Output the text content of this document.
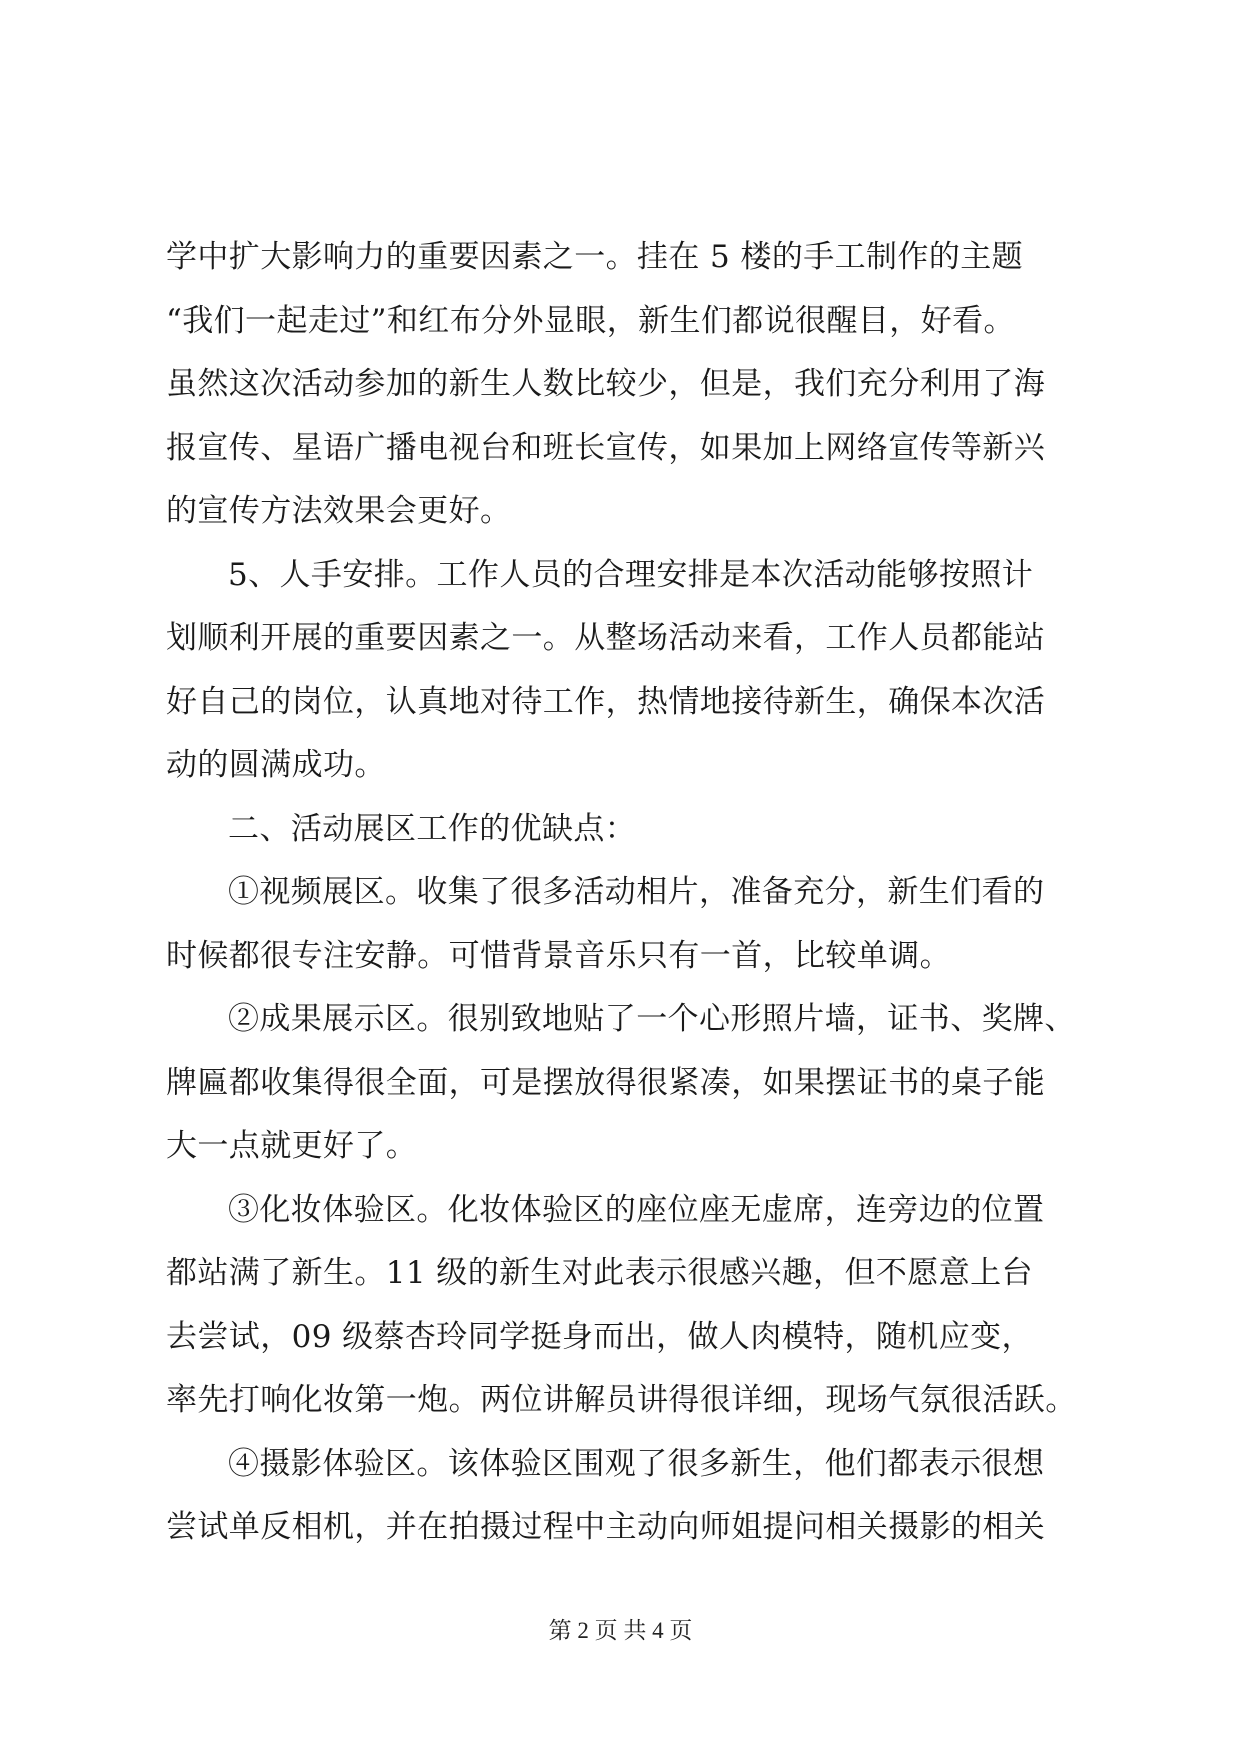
学中扩大影响力的重要因素之一。挂在 5 楼的手工制作的主题
“我们一起走过”和红布分外显眼，新生们都说很醒目，好看。
虽然这次活动参加的新生人数比较少，但是，我们充分利用了海
报宣传、星语广播电视台和班长宣传，如果加上网络宣传等新兴
的宣传方法效果会更好。
5、人手安排。工作人员的合理安排是本次活动能够按照计
划顺利开展的重要因素之一。从整场活动来看，工作人员都能站
好自己的岗位，认真地对待工作，热情地接待新生，确保本次活
动的圆满成功。
二、活动展区工作的优缺点：
①视频展区。收集了很多活动相片，准备充分，新生们看的
时候都很专注安静。可惜背景音乐只有一首，比较单调。
②成果展示区。很别致地贴了一个心形照片墙，证书、奖牌、
牌匾都收集得很全面，可是摆放得很紧凑，如果摆证书的桌子能
大一点就更好了。
③化妆体验区。化妆体验区的座位座无虚席，连旁边的位置
都站满了新生。11 级的新生对此表示很感兴趣，但不愿意上台
去尝试，09 级蔡杏玲同学挺身而出，做人肉模特，随机应变，
率先打响化妆第一炮。两位讲解员讲得很详细，现场气氛很活跃。
④摄影体验区。该体验区围观了很多新生，他们都表示很想
尝试单反相机，并在拍摄过程中主动向师姐提问相关摄影的相关
第 2 页 共 4 页
